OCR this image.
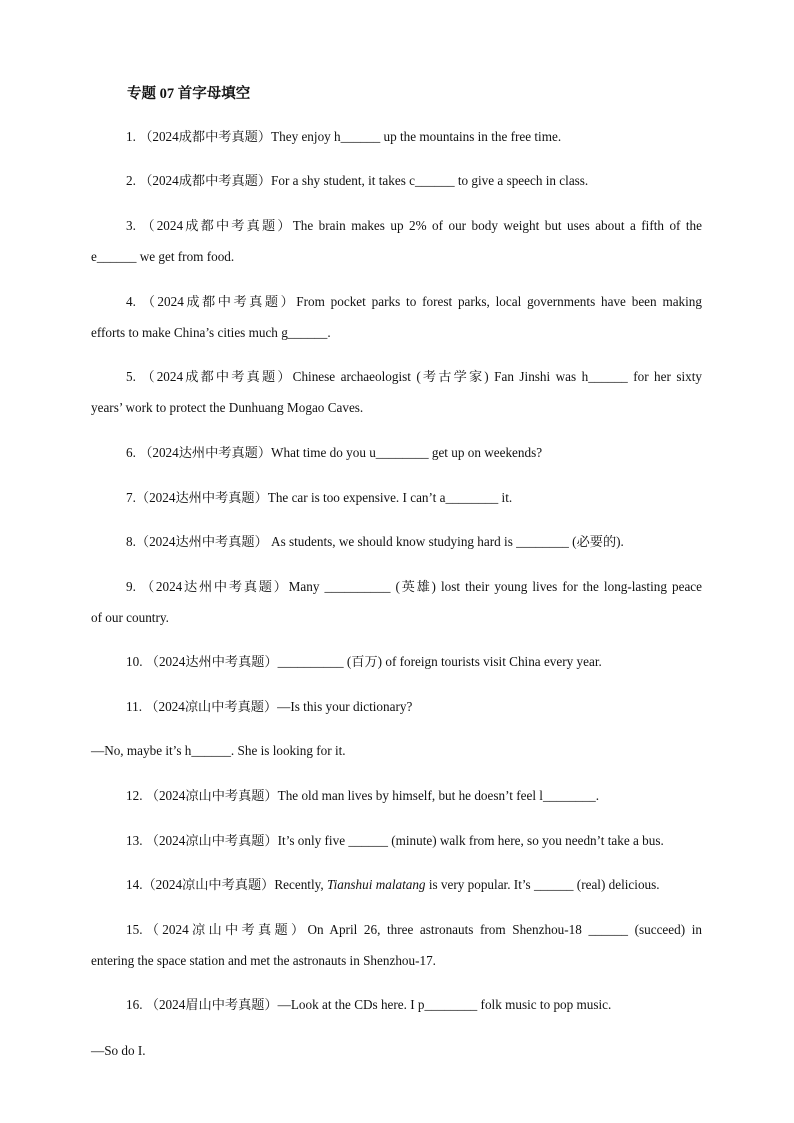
专题 07 首字母填空
1. （2024成都中考真题）They enjoy h______ up the mountains in the free time.
2. （2024成都中考真题）For a shy student, it takes c______ to give a speech in class.
3. （2024成都中考真题）The brain makes up 2% of our body weight but uses about a fifth of the
e______ we get from food.
4. （2024成都中考真题）From pocket parks to forest parks, local governments have been making
efforts to make China’s cities much g______.
5. （2024成都中考真题）Chinese archaeologist (考古学家) Fan Jinshi was h______ for her sixty
years’ work to protect the Dunhuang Mogao Caves.
6. （2024达州中考真题）What time do you u________ get up on weekends?
7.（2024达州中考真题）The car is too expensive. I can’t a________ it.
8.（2024达州中考真题） As students, we should know studying hard is ________ (必要的).
9. （2024达州中考真题）Many __________ (英雄) lost their young lives for the long-lasting peace
of our country.
10. （2024达州中考真题）__________ (百万) of foreign tourists visit China every year.
11. （2024凉山中考真题）—Is this your dictionary?
—No, maybe it’s h______. She is looking for it.
12. （2024凉山中考真题）The old man lives by himself, but he doesn’t feel l________.
13. （2024凉山中考真题）It’s only five ______ (minute) walk from here, so you needn’t take a bus.
14.（2024凉山中考真题）Recently, Tianshui malatang is very popular. It’s ______ (real) delicious.
15.（2024凉山中考真题）On April 26, three astronauts from Shenzhou-18 ______ (succeed) in
entering the space station and met the astronauts in Shenzhou-17.
16. （2024眉山中考真题）—Look at the CDs here. I p________ folk music to pop music.
—So do I.
